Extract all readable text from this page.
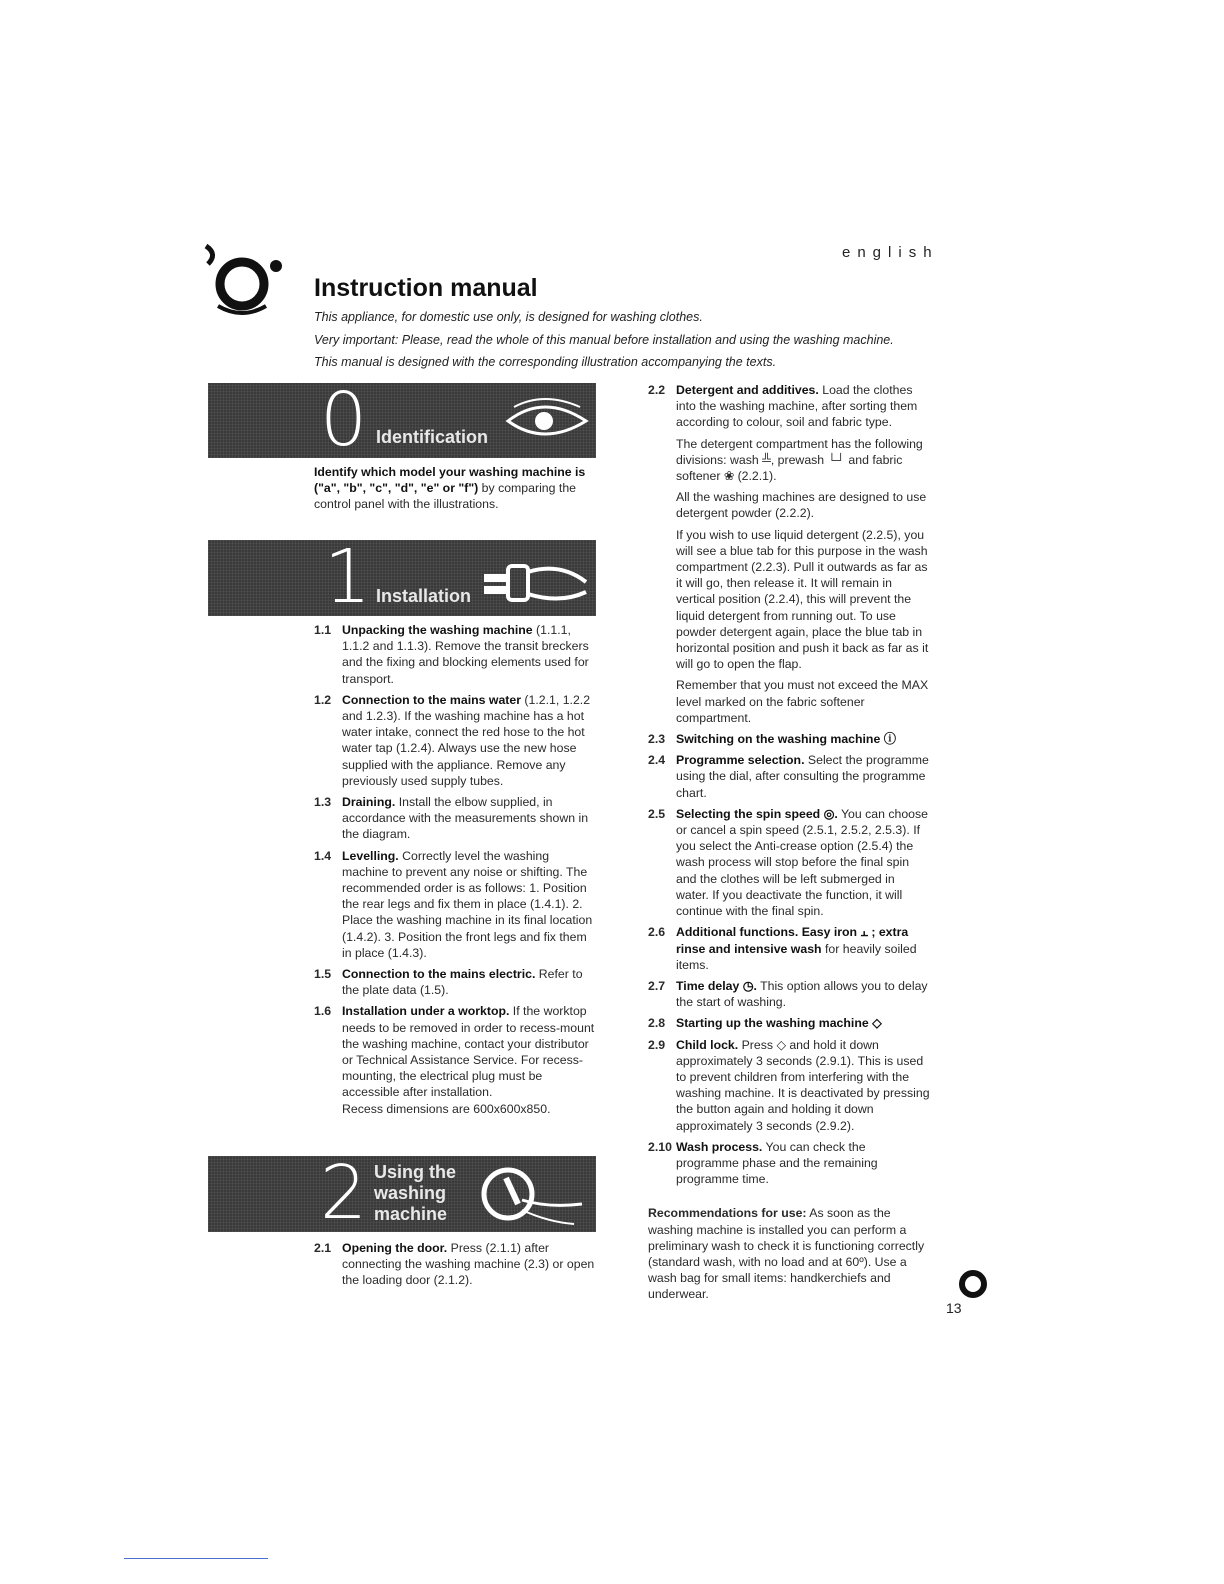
english
Instruction manual
This appliance, for domestic use only, is designed for washing clothes.
Very important: Please, read the whole of this manual before installation and using the washing machine.
This manual is designed with the corresponding illustration accompanying the texts.
0 Identification
Identify which model your washing machine is ("a", "b", "c", "d", "e" or "f") by comparing the control panel with the illustrations.
1 Installation
1.1 Unpacking the washing machine (1.1.1, 1.1.2 and 1.1.3). Remove the transit breckers and the fixing and blocking elements used for transport.
1.2 Connection to the mains water (1.2.1, 1.2.2 and 1.2.3). If the washing machine has a hot water intake, connect the red hose to the hot water tap (1.2.4). Always use the new hose supplied with the appliance. Remove any previously used supply tubes.
1.3 Draining. Install the elbow supplied, in accordance with the measurements shown in the diagram.
1.4 Levelling. Correctly level the washing machine to prevent any noise or shifting. The recommended order is as follows: 1. Position the rear legs and fix them in place (1.4.1). 2. Place the washing machine in its final location (1.4.2). 3. Position the front legs and fix them in place (1.4.3).
1.5 Connection to the mains electric. Refer to the plate data (1.5).
1.6 Installation under a worktop. If the worktop needs to be removed in order to recess-mount the washing machine, contact your distributor or Technical Assistance Service. For recess-mounting, the electrical plug must be accessible after installation.
Recess dimensions are 600x600x850.
2 Using the
washing
machine
2.1 Opening the door. Press (2.1.1) after connecting the washing machine (2.3) or open the loading door (2.1.2).
2.2 Detergent and additives. Load the clothes into the washing machine, after sorting them according to colour, soil and fabric type.

The detergent compartment has the following divisions: wash ╩, prewash └┘ and fabric softener ❀ (2.2.1).

All the washing machines are designed to use detergent powder (2.2.2).

If you wish to use liquid detergent (2.2.5), you will see a blue tab for this purpose in the wash compartment (2.2.3). Pull it outwards as far as it will go, then release it. It will remain in vertical position (2.2.4), this will prevent the liquid detergent from running out. To use powder detergent again, place the blue tab in horizontal position and push it back as far as it will go to open the flap.

Remember that you must not exceed the MAX level marked on the fabric softener compartment.

2.3 Switching on the washing machine ⓘ
2.4 Programme selection. Select the programme using the dial, after consulting the programme chart.
2.5 Selecting the spin speed ◎. You can choose or cancel a spin speed (2.5.1, 2.5.2, 2.5.3). If you select the Anti-crease option (2.5.4) the wash process will stop before the final spin and the clothes will be left submerged in water. If you deactivate the function, it will continue with the final spin.
2.6 Additional functions. Easy iron ⫠ ; extra rinse and intensive wash for heavily soiled items.
2.7 Time delay ◷. This option allows you to delay the start of washing.
2.8 Starting up the washing machine ◇
2.9 Child lock. Press ◇ and hold it down approximately 3 seconds (2.9.1). This is used to prevent children from interfering with the washing machine. It is deactivated by pressing the button again and holding it down approximately 3 seconds (2.9.2).
2.10 Wash process. You can check the programme phase and the remaining programme time.

Recommendations for use: As soon as the washing machine is installed you can perform a preliminary wash to check it is functioning correctly (standard wash, with no load and at 60º). Use a wash bag for small items: handkerchiefs and underwear.

13
